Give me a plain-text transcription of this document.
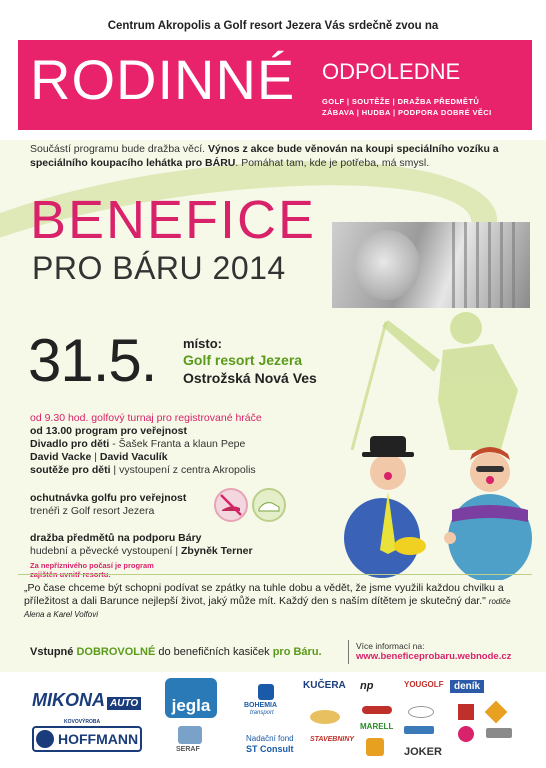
Centrum Akropolis a Golf resort Jezera Vás srdečně zvou na
RODINNÉ ODPOLEDNE
GOLF | SOUTĚŽE | DRAŽBA PŘEDMĚTŮ
ZÁBAVA | HUDBA | PODPORA DOBRÉ VĚCI
Součástí programu bude dražba věcí. Výnos z akce bude věnován na koupi speciálního vozíku a speciálního koupacího lehátka pro BÁRU. Pomáhat tam, kde je potřeba, má smysl.
BENEFICE
PRO BÁRU 2014
31.5. místo:
Golf resort Jezera
Ostrožská Nová Ves
od 9.30 hod. golfový turnaj pro registrované hráče
od 13.00 program pro veřejnost
Divadlo pro děti - Šašek Franta a klaun Pepe
David Vacke | David Vaculík
soutěže pro děti | vystoupení z centra Akropolis
ochutnávka golfu pro veřejnost
trenéři z Golf resort Jezera
dražba předmětů na podporu Báry
hudební a pěvecké vystoupení | Zbyněk Terner
Za nepříznivého počasí je program
zajištěn uvnitř resortu.
„Po čase chceme být schopni podívat se zpátky na tuhle dobu a vědět, že jsme využili každou chvilku a příležitost a dali Barunce nejlepší život, jaký může mít. Každý den s naším dítětem je skutečný dar." rodiče Alena a Karel Volfovi
Vstupné DOBROVOLNÉ do benefičních kasiček pro Báru.	Více informací na:
www.beneficeprobaru.webnode.cz
MIKONA AUTO
KOVOVÝROBA
HOFFMANN
jegla
SERAF
BOHEMIA
transport
Nadační fond
ST Consult
KUČERA
STAVEBNINY
np
MARELL
YOUGOLF
JOKER
deník
